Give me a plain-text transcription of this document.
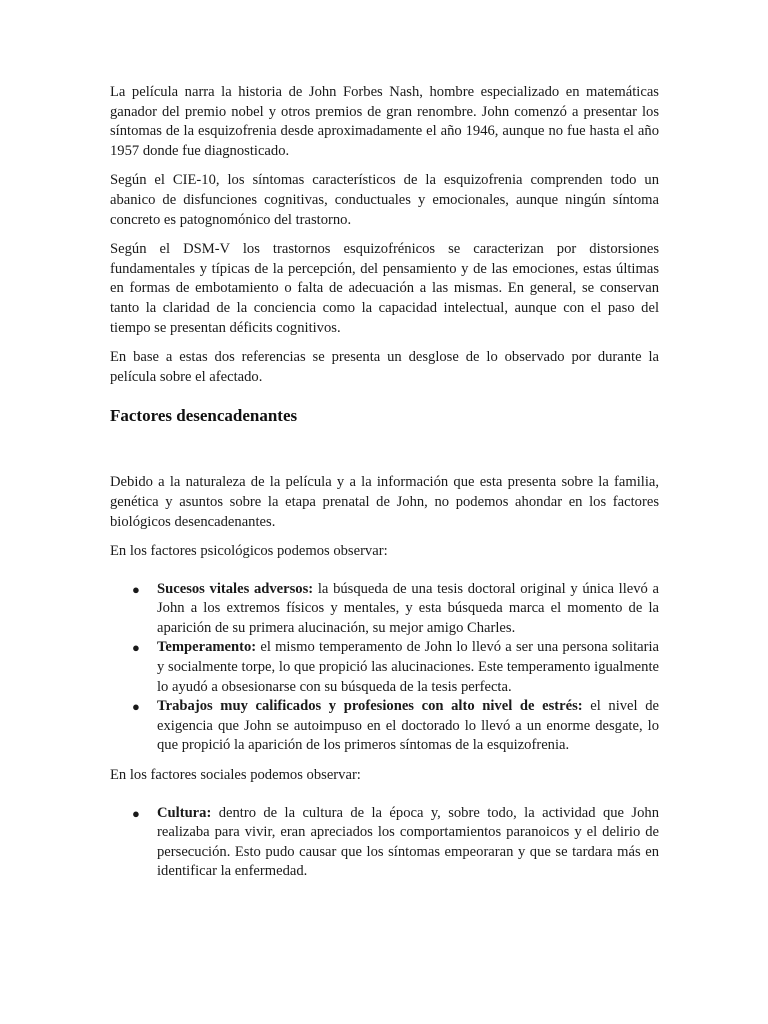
La película narra la historia de John Forbes Nash, hombre especializado en matemáticas ganador del premio nobel y otros premios de gran renombre. John comenzó a presentar los síntomas de la esquizofrenia desde aproximadamente el año 1946, aunque no fue hasta el año 1957 donde fue diagnosticado.

Según el CIE-10, los síntomas característicos de la esquizofrenia comprenden todo un abanico de disfunciones cognitivas, conductuales y emocionales, aunque ningún síntoma concreto es patognomónico del trastorno.

Según el DSM-V los trastornos esquizofrénicos se caracterizan por distorsiones fundamentales y típicas de la percepción, del pensamiento y de las emociones, estas últimas en formas de embotamiento o falta de adecuación a las mismas. En general, se conservan tanto la claridad de la conciencia como la capacidad intelectual, aunque con el paso del tiempo se presentan déficits cognitivos.

En base a estas dos referencias se presenta un desglose de lo observado por durante la película sobre el afectado.

Factores desencadenantes

Debido a la naturaleza de la película y a la información que esta presenta sobre la familia, genética y asuntos sobre la etapa prenatal de John, no podemos ahondar en los factores biológicos desencadenantes.

En los factores psicológicos podemos observar:

● Sucesos vitales adversos: la búsqueda de una tesis doctoral original y única llevó a John a los extremos físicos y mentales, y esta búsqueda marca el momento de la aparición de su primera alucinación, su mejor amigo Charles.
● Temperamento: el mismo temperamento de John lo llevó a ser una persona solitaria y socialmente torpe, lo que propició las alucinaciones. Este temperamento igualmente lo ayudó a obsesionarse con su búsqueda de la tesis perfecta.
● Trabajos muy calificados y profesiones con alto nivel de estrés: el nivel de exigencia que John se autoimpuso en el doctorado lo llevó a un enorme desgate, lo que propició la aparición de los primeros síntomas de la esquizofrenia.

En los factores sociales podemos observar:

● Cultura: dentro de la cultura de la época y, sobre todo, la actividad que John realizaba para vivir, eran apreciados los comportamientos paranoicos y el delirio de persecución. Esto pudo causar que los síntomas empeoraran y que se tardara más en identificar la enfermedad.
